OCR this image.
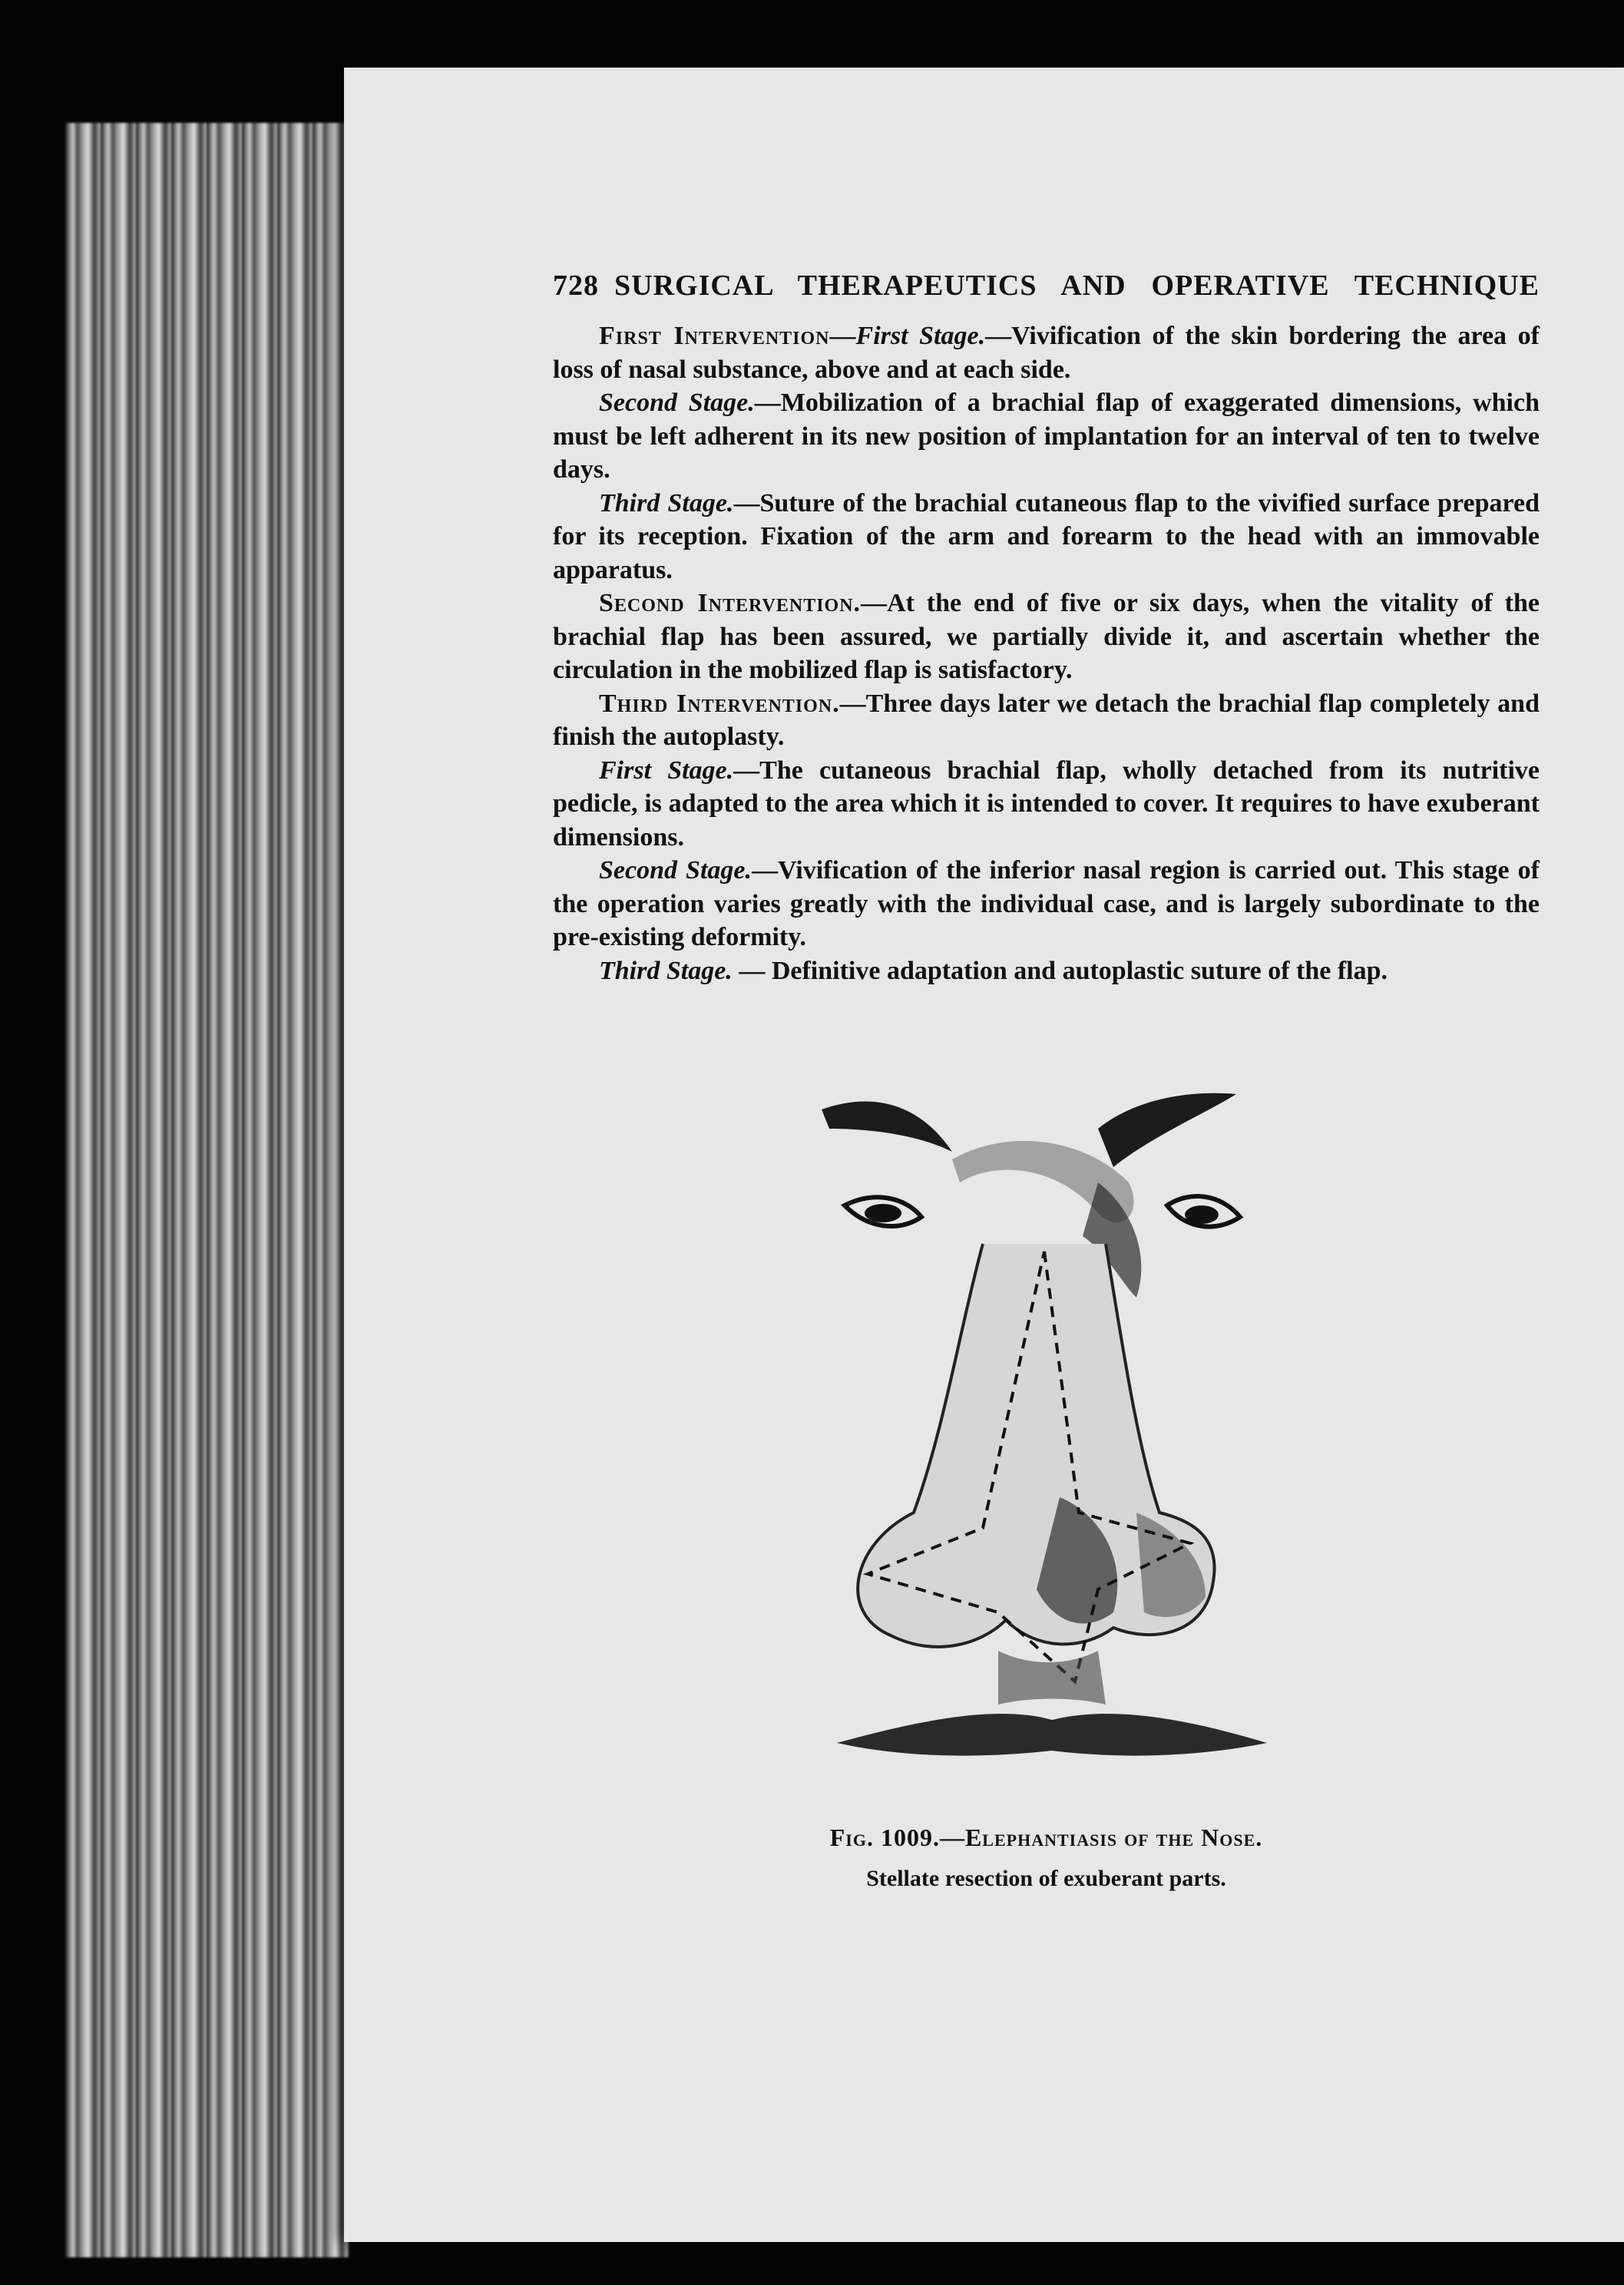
728 SURGICAL THERAPEUTICS AND OPERATIVE TECHNIQUE

First Intervention—First Stage.—Vivification of the skin bordering the area of loss of nasal substance, above and at each side.

Second Stage.—Mobilization of a brachial flap of exaggerated dimensions, which must be left adherent in its new position of implantation for an interval of ten to twelve days.

Third Stage.—Suture of the brachial cutaneous flap to the vivified surface prepared for its reception. Fixation of the arm and forearm to the head with an immovable apparatus.

Second Intervention.—At the end of five or six days, when the vitality of the brachial flap has been assured, we partially divide it, and ascertain whether the circulation in the mobilized flap is satisfactory.

Third Intervention.—Three days later we detach the brachial flap completely and finish the autoplasty.

First Stage.—The cutaneous brachial flap, wholly detached from its nutritive pedicle, is adapted to the area which it is intended to cover. It requires to have exuberant dimensions.

Second Stage.—Vivification of the inferior nasal region is carried out. This stage of the operation varies greatly with the individual case, and is largely subordinate to the pre-existing deformity.

Third Stage. — Definitive adaptation and autoplastic suture of the flap.

Fig. 1009.—Elephantiasis of the Nose.
Stellate resection of exuberant parts.
